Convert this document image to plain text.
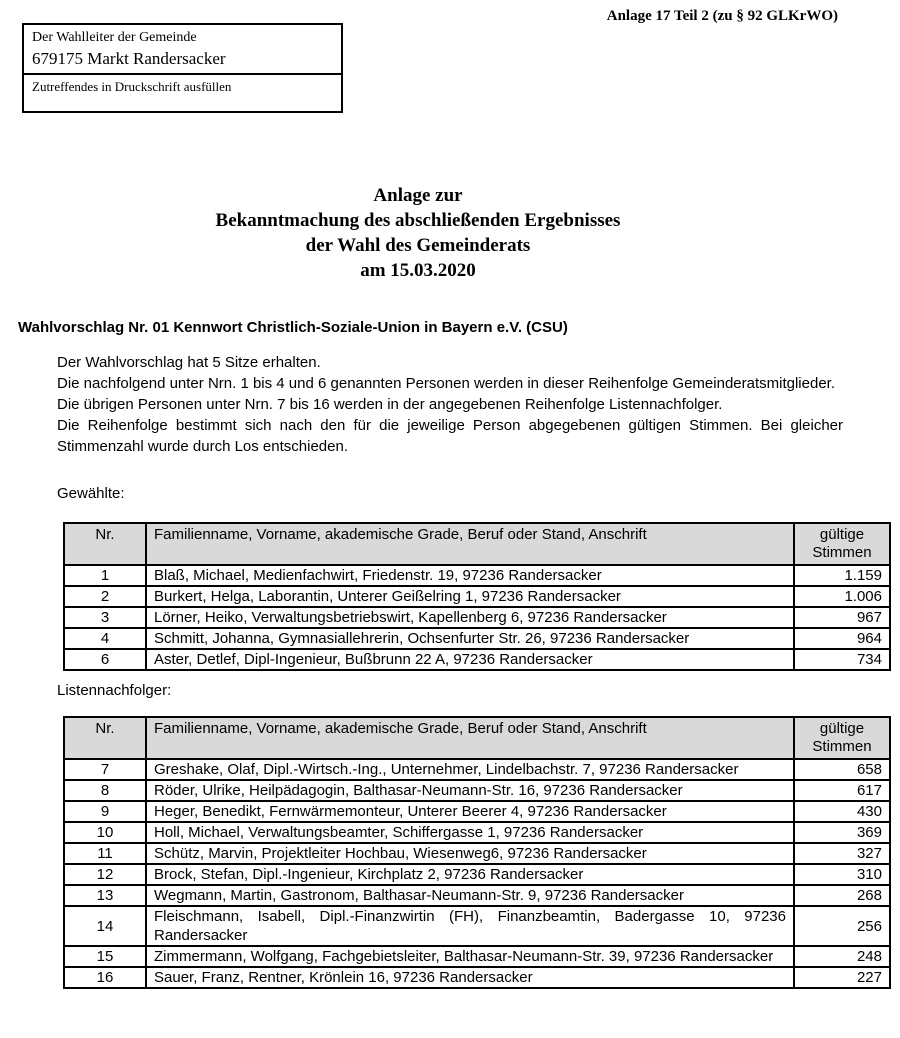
Der Wahlleiter der Gemeinde
679175 Markt Randersacker
Zutreffendes in Druckschrift ausfüllen
Anlage 17 Teil 2 (zu § 92 GLKrWO)
Anlage zur
Bekanntmachung des abschließenden Ergebnisses
der Wahl des Gemeinderats
am 15.03.2020
Wahlvorschlag Nr. 01 Kennwort Christlich-Soziale-Union in Bayern e.V. (CSU)

Der Wahlvorschlag hat 5 Sitze erhalten.

Die nachfolgend unter Nrn. 1 bis 4 und 6 genannten Personen werden in dieser Reihenfolge Gemeinderatsmitglieder.

Die übrigen Personen unter Nrn. 7 bis 16 werden in der angegebenen Reihenfolge Listennachfolger.

Die Reihenfolge bestimmt sich nach den für die jeweilige Person abgegebenen gültigen Stimmen. Bei gleicher Stimmenzahl wurde durch Los entschieden.

Gewählte:
Nr.	Familienname, Vorname, akademische Grade, Beruf oder Stand, Anschrift	gültige Stimmen
1	Blaß, Michael, Medienfachwirt, Friedenstr. 19, 97236 Randersacker	1.159
2	Burkert, Helga, Laborantin, Unterer Geißelring 1, 97236 Randersacker	1.006
3	Lörner, Heiko, Verwaltungsbetriebswirt, Kapellenberg 6, 97236 Randersacker	967
4	Schmitt, Johanna, Gymnasiallehrerin, Ochsenfurter Str. 26, 97236 Randersacker	964
6	Aster, Detlef, Dipl-Ingenieur, Bußbrunn 22 A, 97236 Randersacker	734
Listennachfolger:
Nr.	Familienname, Vorname, akademische Grade, Beruf oder Stand, Anschrift	gültige Stimmen
7	Greshake, Olaf, Dipl.-Wirtsch.-Ing., Unternehmer, Lindelbachstr. 7, 97236 Randersacker	658
8	Röder, Ulrike, Heilpädagogin, Balthasar-Neumann-Str. 16, 97236 Randersacker	617
9	Heger, Benedikt, Fernwärmemonteur, Unterer Beerer 4, 97236 Randersacker	430
10	Holl, Michael, Verwaltungsbeamter, Schiffergasse 1, 97236 Randersacker	369
11	Schütz, Marvin, Projektleiter Hochbau, Wiesenweg6, 97236 Randersacker	327
12	Brock, Stefan, Dipl.-Ingenieur, Kirchplatz 2, 97236 Randersacker	310
13	Wegmann, Martin, Gastronom, Balthasar-Neumann-Str. 9, 97236 Randersacker	268
14	Fleischmann, Isabell, Dipl.-Finanzwirtin (FH), Finanzbeamtin, Badergasse 10, 97236 Randersacker	256
15	Zimmermann, Wolfgang, Fachgebietsleiter, Balthasar-Neumann-Str. 39, 97236 Randersacker	248
16	Sauer, Franz, Rentner, Krönlein 16, 97236 Randersacker	227
